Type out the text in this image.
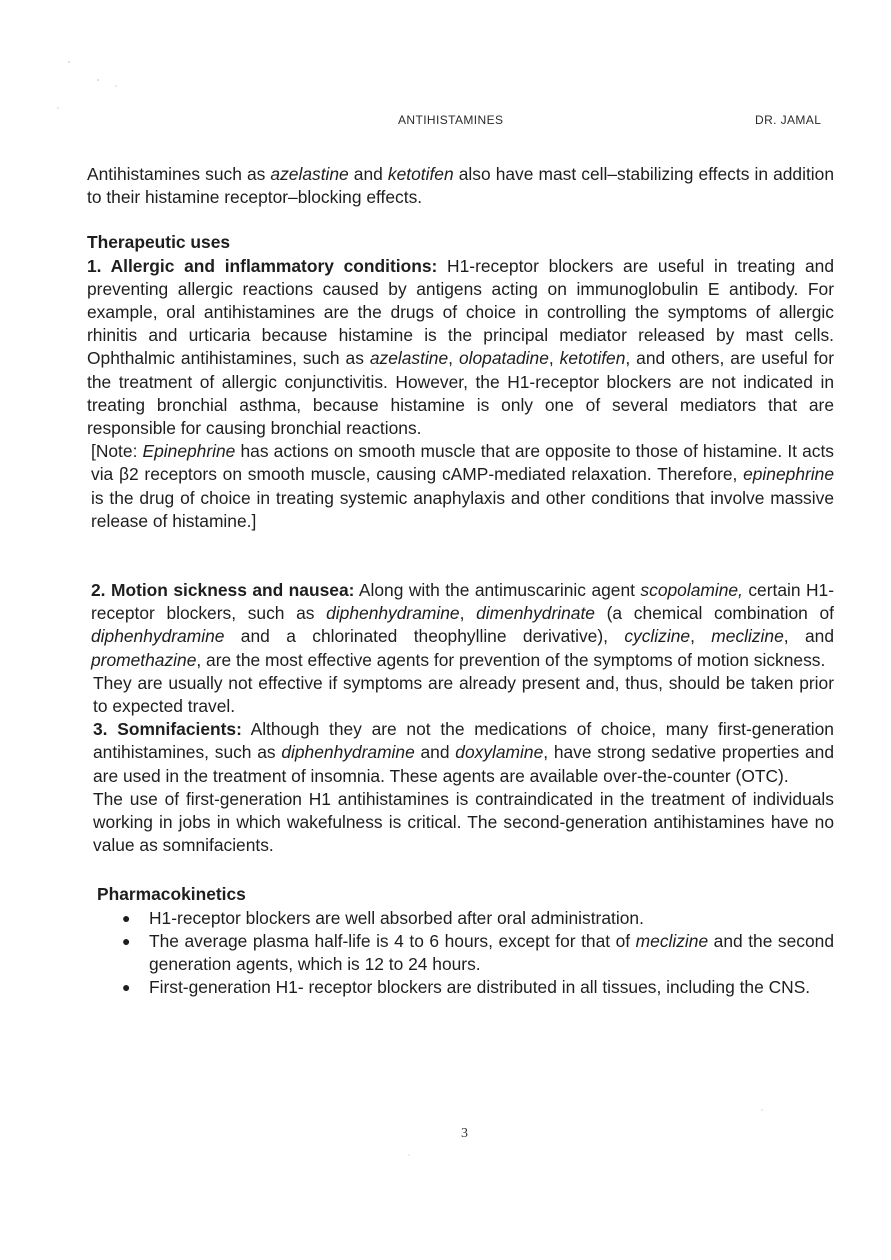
ANTIHISTAMINES	DR. JAMAL

Antihistamines such as azelastine and ketotifen also have mast cell–stabilizing effects in addition to their histamine receptor–blocking effects.

Therapeutic uses

1. Allergic and inflammatory conditions: H1-receptor blockers are useful in treating and preventing allergic reactions caused by antigens acting on immunoglobulin E antibody. For example, oral antihistamines are the drugs of choice in controlling the symptoms of allergic rhinitis and urticaria because histamine is the principal mediator released by mast cells. Ophthalmic antihistamines, such as azelastine, olopatadine, ketotifen, and others, are useful for the treatment of allergic conjunctivitis. However, the H1-receptor blockers are not indicated in treating bronchial asthma, because histamine is only one of several mediators that are responsible for causing bronchial reactions.

[Note: Epinephrine has actions on smooth muscle that are opposite to those of histamine. It acts via β2 receptors on smooth muscle, causing cAMP-mediated relaxation. Therefore, epinephrine is the drug of choice in treating systemic anaphylaxis and other conditions that involve massive release of histamine.]

2. Motion sickness and nausea: Along with the antimuscarinic agent scopolamine, certain H1-receptor blockers, such as diphenhydramine, dimenhydrinate (a chemical combination of diphenhydramine and a chlorinated theophylline derivative), cyclizine, meclizine, and promethazine, are the most effective agents for prevention of the symptoms of motion sickness.

They are usually not effective if symptoms are already present and, thus, should be taken prior to expected travel.

3. Somnifacients: Although they are not the medications of choice, many first-generation antihistamines, such as diphenhydramine and doxylamine, have strong sedative properties and are used in the treatment of insomnia. These agents are available over-the-counter (OTC).

The use of first-generation H1 antihistamines is contraindicated in the treatment of individuals working in jobs in which wakefulness is critical. The second-generation antihistamines have no value as somnifacients.

Pharmacokinetics
● H1-receptor blockers are well absorbed after oral administration.
● The average plasma half-life is 4 to 6 hours, except for that of meclizine and the second generation agents, which is 12 to 24 hours.
● First-generation H1- receptor blockers are distributed in all tissues, including the CNS.
3
